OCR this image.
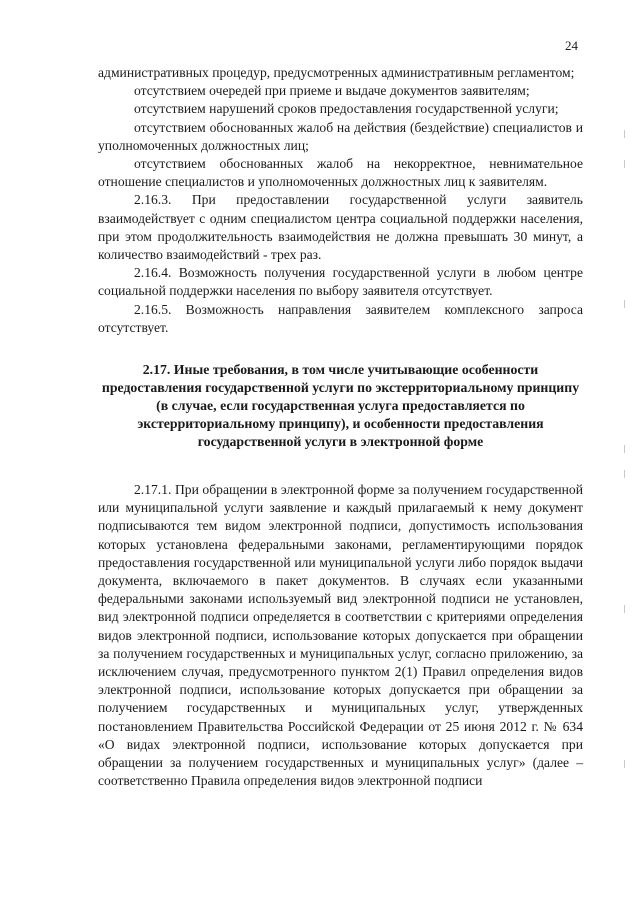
24

административных процедур, предусмотренных административным регламентом;

отсутствием очередей при приеме и выдаче документов заявителям;

отсутствием нарушений сроков предоставления государственной услуги;

отсутствием обоснованных жалоб на действия (бездействие) специалистов и уполномоченных должностных лиц;

отсутствием обоснованных жалоб на некорректное, невнимательное отношение специалистов и уполномоченных должностных лиц к заявителям.

2.16.3. При предоставлении государственной услуги заявитель взаимодействует с одним специалистом центра социальной поддержки населения, при этом продолжительность взаимодействия не должна превышать 30 минут, а количество взаимодействий - трех раз.

2.16.4. Возможность получения государственной услуги в любом центре социальной поддержки населения по выбору заявителя отсутствует.

2.16.5. Возможность направления заявителем комплексного запроса отсутствует.

2.17. Иные требования, в том числе учитывающие особенности предоставления государственной услуги по экстерриториальному принципу (в случае, если государственная услуга предоставляется по экстерриториальному принципу), и особенности предоставления государственной услуги в электронной форме

2.17.1. При обращении в электронной форме за получением государственной или муниципальной услуги заявление и каждый прилагаемый к нему документ подписываются тем видом электронной подписи, допустимость использования которых установлена федеральными законами, регламентирующими порядок предоставления государственной или муниципальной услуги либо порядок выдачи документа, включаемого в пакет документов. В случаях если указанными федеральными законами используемый вид электронной подписи не установлен, вид электронной подписи определяется в соответствии с критериями определения видов электронной подписи, использование которых допускается при обращении за получением государственных и муниципальных услуг, согласно приложению, за исключением случая, предусмотренного пунктом 2(1) Правил определения видов электронной подписи, использование которых допускается при обращении за получением государственных и муниципальных услуг, утвержденных постановлением Правительства Российской Федерации от 25 июня 2012 г. № 634 «О видах электронной подписи, использование которых допускается при обращении за получением государственных и муниципальных услуг» (далее – соответственно Правила определения видов электронной подписи
